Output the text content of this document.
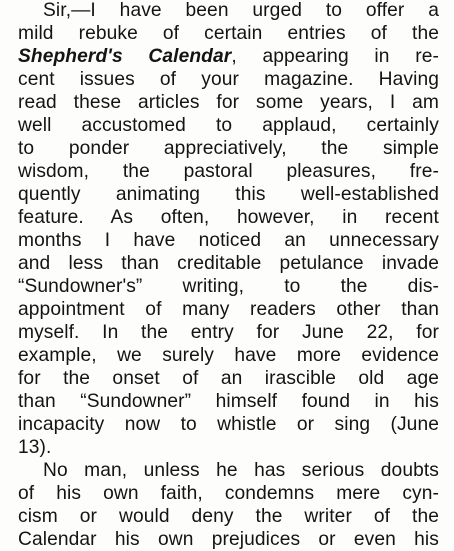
Sir,—I have been urged to offer a
mild rebuke of certain entries of the
Shepherd's Calendar, appearing in re-
cent issues of your magazine. Having
read these articles for some years, I am
well accustomed to applaud, certainly
to ponder appreciatively, the simple
wisdom, the pastoral pleasures, fre-
quently animating this well-established
feature. As often, however, in recent
months I have noticed an unnecessary
and less than creditable petulance invade
“Sundowner's” writing, to the dis-
appointment of many readers other than
myself. In the entry for June 22, for
example, we surely have more evidence
for the onset of an irascible old age
than “Sundowner” himself found in his
incapacity now to whistle or sing (June
13).
No man, unless he has serious doubts
of his own faith, condemns mere cyn-
cism or would deny the writer of the
Calendar his own prejudices or even his
